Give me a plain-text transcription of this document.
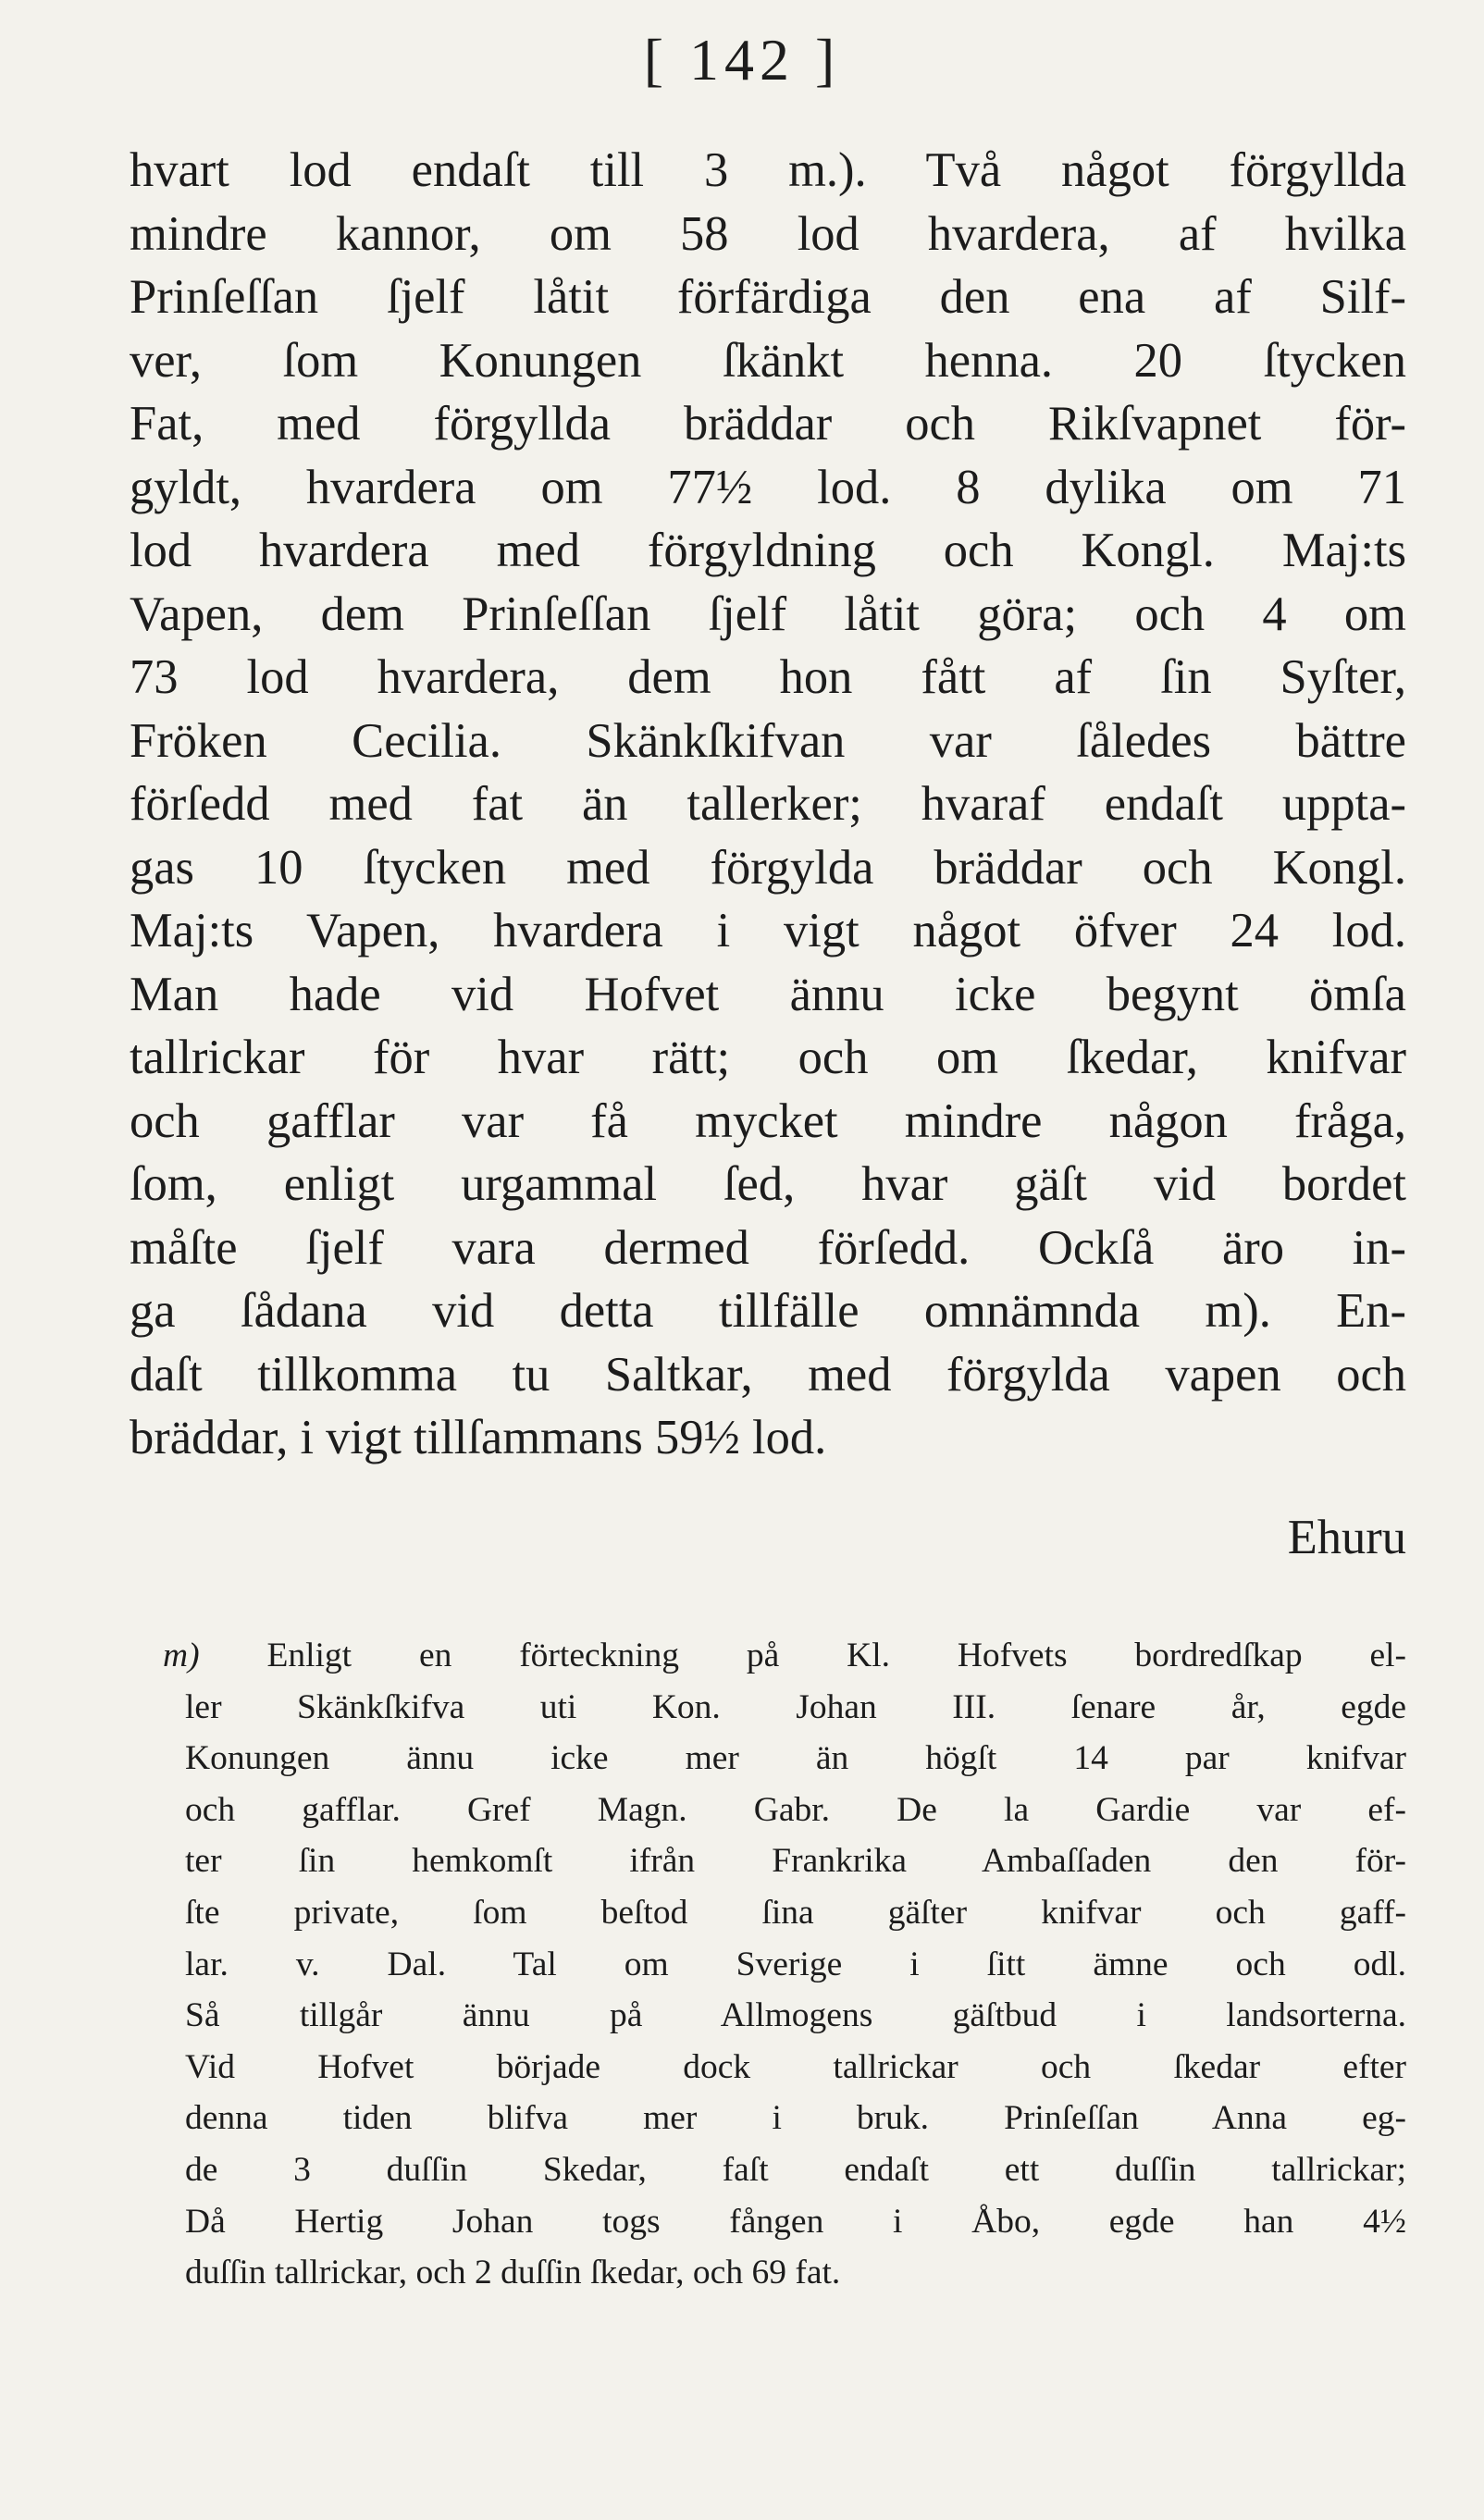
[ 142 ]
hvart lod endaſt till 3 m.). Två något förgyllda
mindre kannor, om 58 lod hvardera, af hvilka
Prinſeſſan ſjelf låtit förfärdiga den ena af Silf-
ver, ſom Konungen ſkänkt henna. 20 ſtycken
Fat, med förgyllda bräddar och Rikſvapnet för-
gyldt, hvardera om 77½ lod. 8 dylika om 71
lod hvardera med förgyldning och Kongl. Maj:ts
Vapen, dem Prinſeſſan ſjelf låtit göra; och 4 om
73 lod hvardera, dem hon fått af ſin Syſter,
Fröken Cecilia. Skänkſkifvan var ſåledes bättre
förſedd med fat än tallerker; hvaraf endaſt uppta-
gas 10 ſtycken med förgylda bräddar och Kongl.
Maj:ts Vapen, hvardera i vigt något öfver 24 lod.
Man hade vid Hofvet ännu icke begynt ömſa
tallrickar för hvar rätt; och om ſkedar, knifvar
och gafflar var få mycket mindre någon fråga,
ſom, enligt urgammal ſed, hvar gäſt vid bordet
måſte ſjelf vara dermed förſedd. Ockſå äro in-
ga ſådana vid detta tillfälle omnämnda m). En-
daſt tillkomma tu Saltkar, med förgylda vapen och
bräddar, i vigt tillſammans 59½ lod.
Ehuru
m) Enligt en förteckning på Kl. Hofvets bordredſkap el-
ler Skänkſkifva uti Kon. Johan III. ſenare år, egde
Konungen ännu icke mer än högſt 14 par knifvar
och gafflar. Gref Magn. Gabr. De la Gardie var ef-
ter ſin hemkomſt ifrån Frankrika Ambaſſaden den för-
ſte private, ſom beſtod ſina gäſter knifvar och gaff-
lar. v. Dal. Tal om Sverige i ſitt ämne och odl.
Så tillgår ännu på Allmogens gäſtbud i landsorterna.
Vid Hofvet började dock tallrickar och ſkedar efter
denna tiden blifva mer i bruk. Prinſeſſan Anna eg-
de 3 duſſin Skedar, faſt endaſt ett duſſin tallrickar;
Då Hertig Johan togs fången i Åbo, egde han 4½
duſſin tallrickar, och 2 duſſin ſkedar, och 69 fat.
